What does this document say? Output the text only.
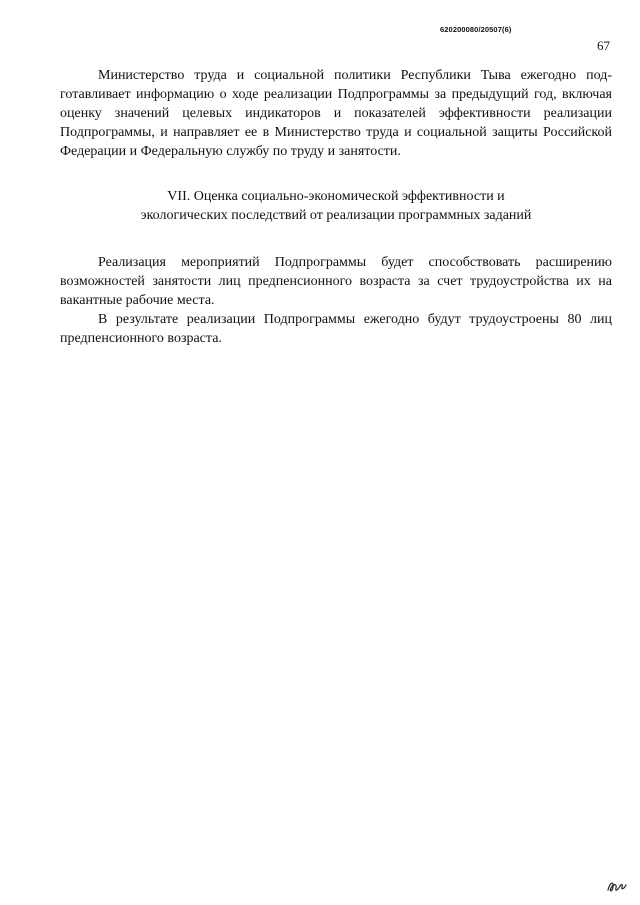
620200080/20507(6)
67

Министерство труда и социальной политики Республики Тыва ежегодно подготавливает информацию о ходе реализации Подпрограммы за предыдущий год, включая оценку значений целевых индикаторов и показателей эффективности реализации Подпрограммы, и направляет ее в Министерство труда и социальной защиты Российской Федерации и Федеральную службу по труду и занятости.

VII. Оценка социально-экономической эффективности и
экологических последствий от реализации программных заданий

Реализация мероприятий Подпрограммы будет способствовать расширению возможностей занятости лиц предпенсионного возраста за счет трудоустройства их на вакантные рабочие места.

В результате реализации Подпрограммы ежегодно будут трудоустроены 80 лиц предпенсионного возраста.
